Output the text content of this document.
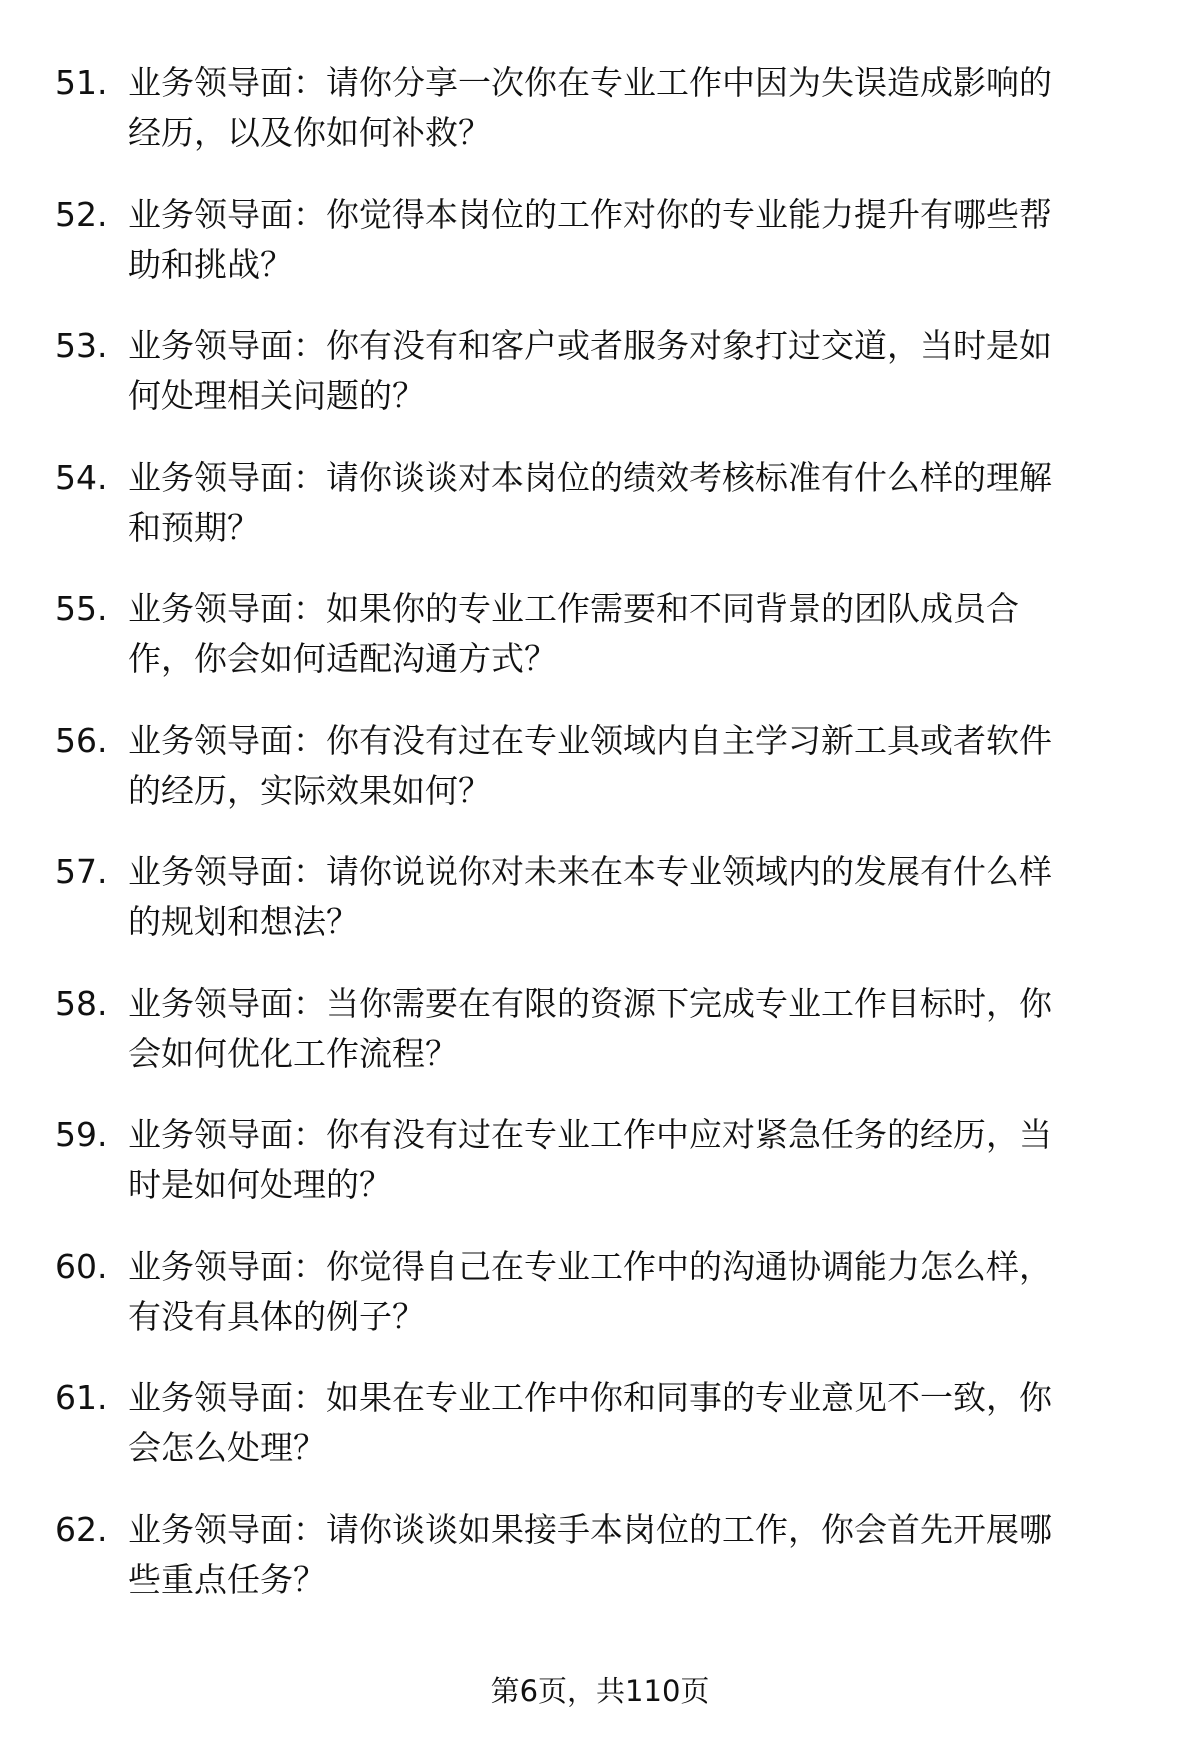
51. 业务领导面：请你分享一次你在专业工作中因为失误造成影响的
经历，以及你如何补救？
52. 业务领导面：你觉得本岗位的工作对你的专业能力提升有哪些帮
助和挑战？
53. 业务领导面：你有没有和客户或者服务对象打过交道，当时是如
何处理相关问题的？
54. 业务领导面：请你谈谈对本岗位的绩效考核标准有什么样的理解
和预期？
55. 业务领导面：如果你的专业工作需要和不同背景的团队成员合
作，你会如何适配沟通方式？
56. 业务领导面：你有没有过在专业领域内自主学习新工具或者软件
的经历，实际效果如何？
57. 业务领导面：请你说说你对未来在本专业领域内的发展有什么样
的规划和想法？
58. 业务领导面：当你需要在有限的资源下完成专业工作目标时，你
会如何优化工作流程？
59. 业务领导面：你有没有过在专业工作中应对紧急任务的经历，当
时是如何处理的？
60. 业务领导面：你觉得自己在专业工作中的沟通协调能力怎么样，
有没有具体的例子？
61. 业务领导面：如果在专业工作中你和同事的专业意见不一致，你
会怎么处理？
62. 业务领导面：请你谈谈如果接手本岗位的工作，你会首先开展哪
些重点任务？
第6页，共110页
